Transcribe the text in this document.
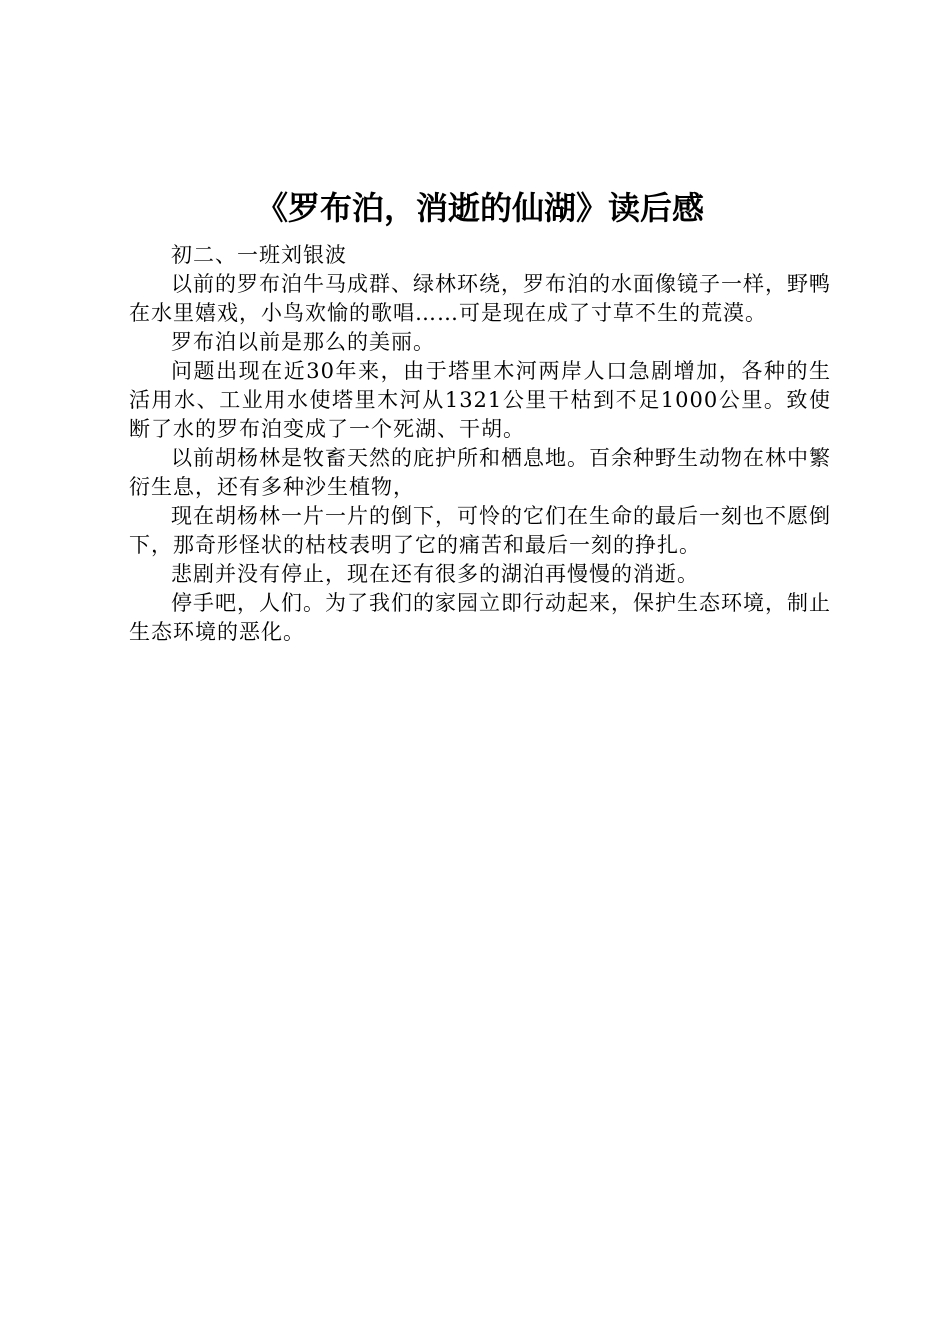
《罗布泊，消逝的仙湖》读后感

初二、一班刘银波

以前的罗布泊牛马成群、绿林环绕，罗布泊的水面像镜子一样，野鸭在水里嬉戏，小鸟欢愉的歌唱……可是现在成了寸草不生的荒漠。

罗布泊以前是那么的美丽。

问题出现在近30年来，由于塔里木河两岸人口急剧增加，各种的生活用水、工业用水使塔里木河从1321公里干枯到不足1000公里。致使断了水的罗布泊变成了一个死湖、干胡。

以前胡杨林是牧畜天然的庇护所和栖息地。百余种野生动物在林中繁衍生息，还有多种沙生植物，

现在胡杨林一片一片的倒下，可怜的它们在生命的最后一刻也不愿倒下，那奇形怪状的枯枝表明了它的痛苦和最后一刻的挣扎。

悲剧并没有停止，现在还有很多的湖泊再慢慢的消逝。

停手吧，人们。为了我们的家园立即行动起来，保护生态环境，制止生态环境的恶化。
